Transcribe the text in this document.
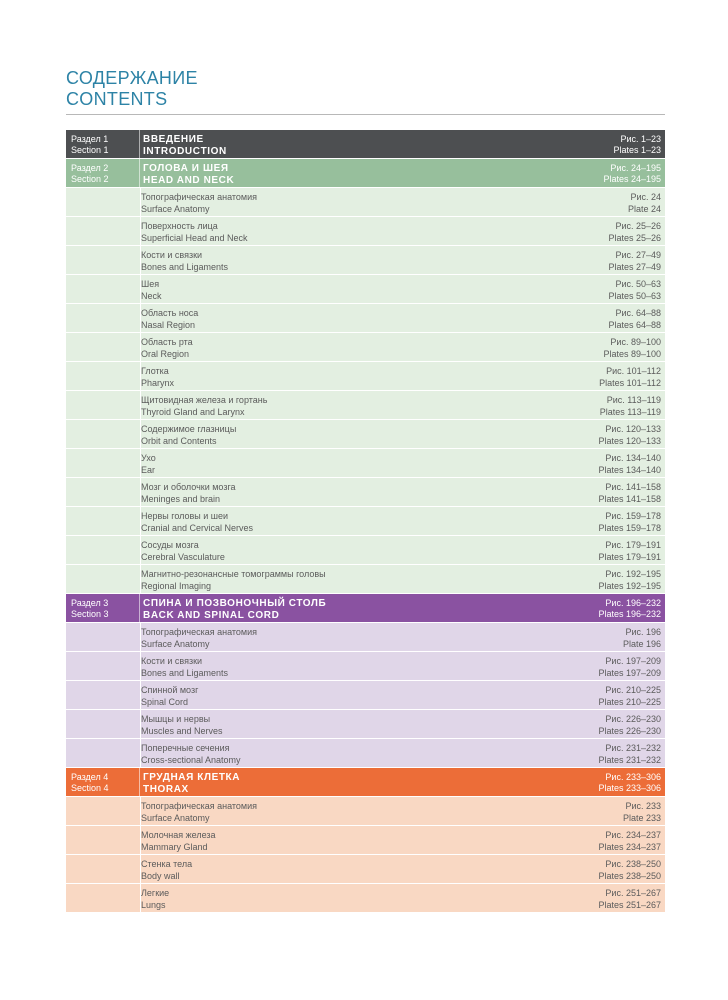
СОДЕРЖАНИЕ
CONTENTS
Раздел 1
Section 1
ВВЕДЕНИЕ
INTRODUCTION
Рис. 1–23
Plates 1–23
Раздел 2
Section 2
ГОЛОВА И ШЕЯ
HEAD AND NECK
Рис. 24–195
Plates 24–195
Топографическая анатомия
Surface Anatomy
Рис. 24
Plate 24
Поверхность лица
Superficial Head and Neck
Рис. 25–26
Plates 25–26
Кости и связки
Bones and Ligaments
Рис. 27–49
Plates 27–49
Шея
Neck
Рис. 50–63
Plates 50–63
Область носа
Nasal Region
Рис. 64–88
Plates 64–88
Область рта
Oral Region
Рис. 89–100
Plates 89–100
Глотка
Pharynx
Рис. 101–112
Plates 101–112
Щитовидная железа и гортань
Thyroid Gland and Larynx
Рис. 113–119
Plates 113–119
Содержимое глазницы
Orbit and Contents
Рис. 120–133
Plates 120–133
Ухо
Ear
Рис. 134–140
Plates 134–140
Мозг и оболочки мозга
Meninges and brain
Рис. 141–158
Plates 141–158
Нервы головы и шеи
Cranial and Cervical Nerves
Рис. 159–178
Plates 159–178
Сосуды мозга
Cerebral Vasculature
Рис. 179–191
Plates 179–191
Магнитно-резонансные томограммы головы
Regional Imaging
Рис. 192–195
Plates 192–195
Раздел 3
Section 3
СПИНА И ПОЗВОНОЧНЫЙ СТОЛБ
BACK AND SPINAL CORD
Рис. 196–232
Plates 196–232
Топографическая анатомия
Surface Anatomy
Рис. 196
Plate 196
Кости и связки
Bones and Ligaments
Рис. 197–209
Plates 197–209
Спинной мозг
Spinal Cord
Рис. 210–225
Plates 210–225
Мышцы и нервы
Muscles and Nerves
Рис. 226–230
Plates 226–230
Поперечные сечения
Cross-sectional Anatomy
Рис. 231–232
Plates 231–232
Раздел 4
Section 4
ГРУДНАЯ КЛЕТКА
THORAX
Рис. 233–306
Plates 233–306
Топографическая анатомия
Surface Anatomy
Рис. 233
Plate 233
Молочная железа
Mammary Gland
Рис. 234–237
Plates 234–237
Стенка тела
Body wall
Рис. 238–250
Plates 238–250
Легкие
Lungs
Рис. 251–267
Plates 251–267
